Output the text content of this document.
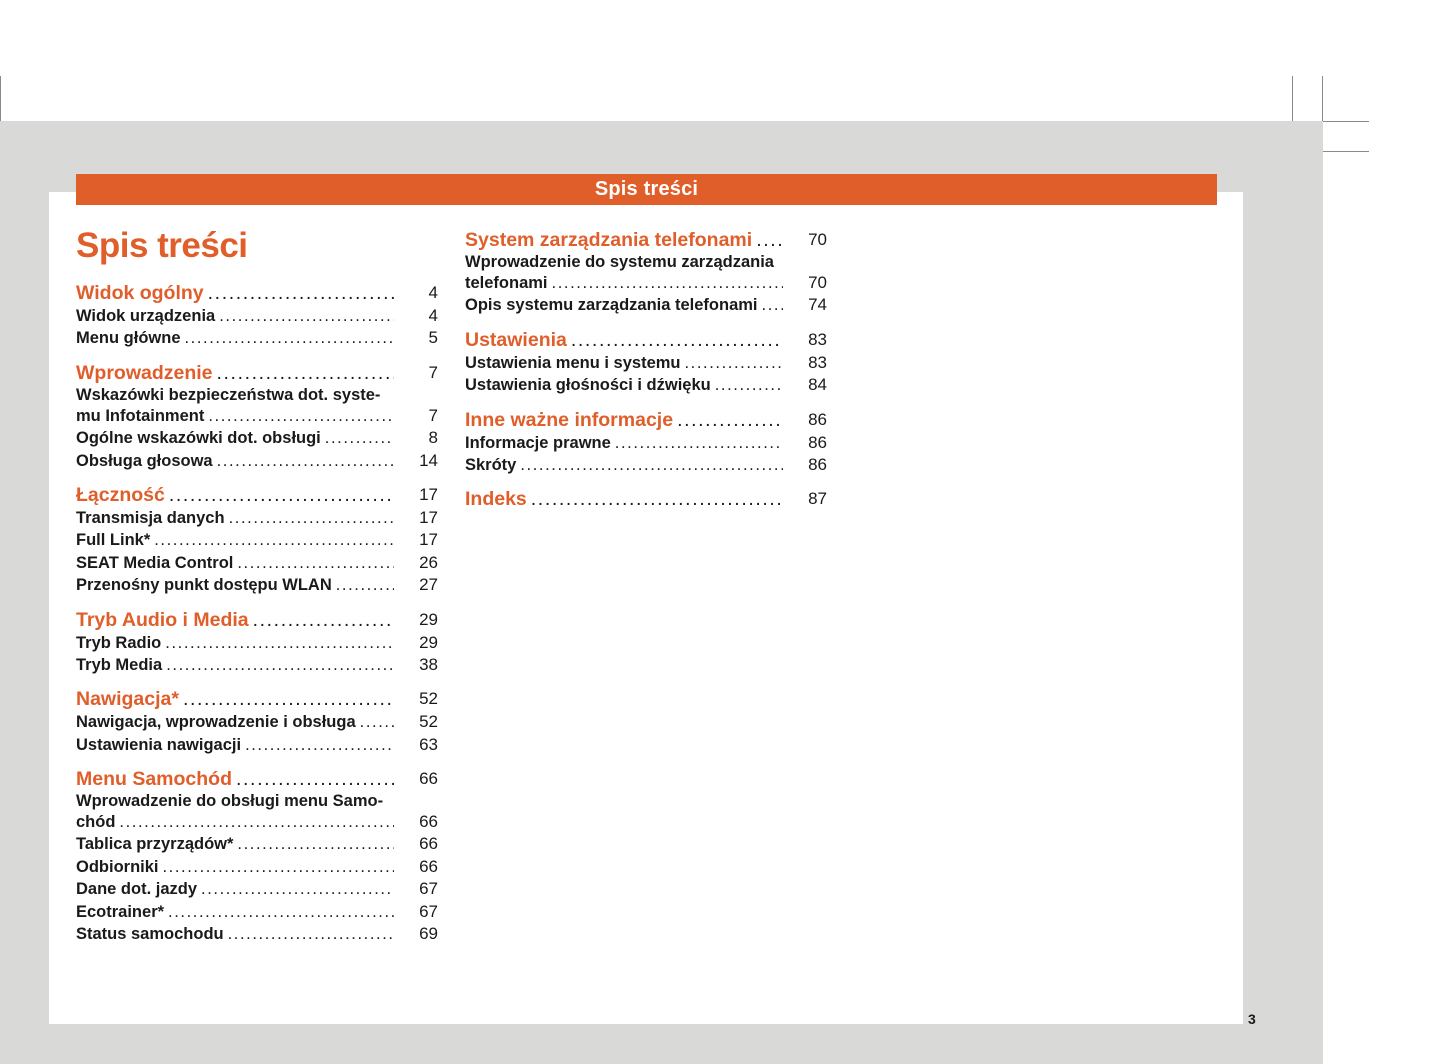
Spis treści
Spis treści
Widok ogólny .....	4
Widok urządzenia .....	4
Menu główne .....	5
Wprowadzenie .....	7
Wskazówki bezpieczeństwa dot. syste-
mu Infotainment .....	7
Ogólne wskazówki dot. obsługi .....	8
Obsługa głosowa .....	14
Łączność .....	17
Transmisja danych .....	17
Full Link* .....	17
SEAT Media Control .....	26
Przenośny punkt dostępu WLAN .....	27
Tryb Audio i Media .....	29
Tryb Radio .....	29
Tryb Media .....	38
Nawigacja* .....	52
Nawigacja, wprowadzenie i obsługa .....	52
Ustawienia nawigacji .....	63
Menu Samochód .....	66
Wprowadzenie do obsługi menu Samo-
chód .....	66
Tablica przyrządów* .....	66
Odbiorniki .....	66
Dane dot. jazdy .....	67
Ecotrainer* .....	67
Status samochodu .....	69
System zarządzania telefonami .....	70
Wprowadzenie do systemu zarządzania
telefonami .....	70
Opis systemu zarządzania telefonami .....	74
Ustawienia .....	83
Ustawienia menu i systemu .....	83
Ustawienia głośności i dźwięku .....	84
Inne ważne informacje .....	86
Informacje prawne .....	86
Skróty .....	86
Indeks .....	87
3
